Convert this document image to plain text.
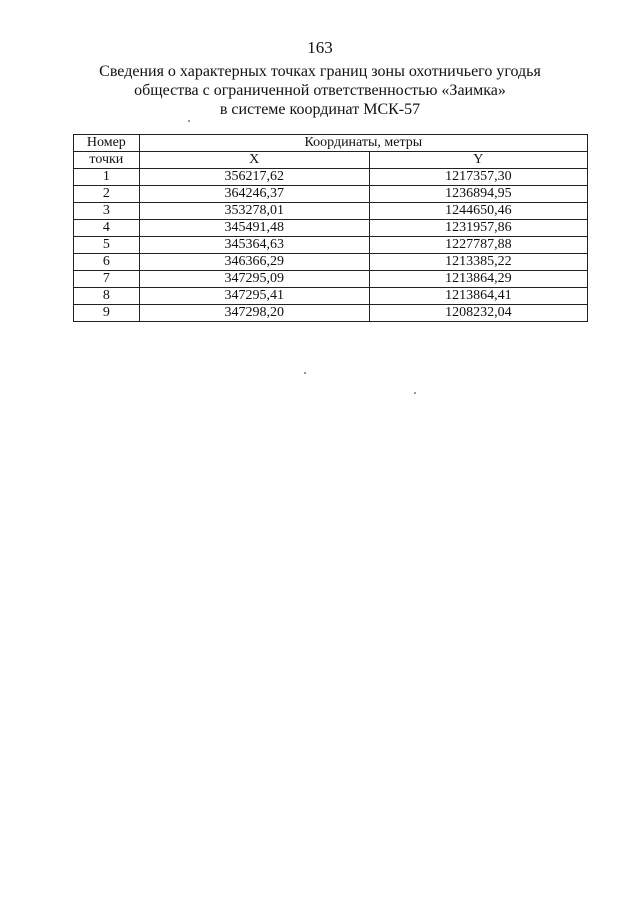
163
Сведения о характерных точках границ зоны охотничьего угодья
общества с ограниченной ответственностью «Заимка»
в системе координат МСК-57
Номер	Координаты, метры	
точки	X	Y
1	356217,62	1217357,30
2	364246,37	1236894,95
3	353278,01	1244650,46
4	345491,48	1231957,86
5	345364,63	1227787,88
6	346366,29	1213385,22
7	347295,09	1213864,29
8	347295,41	1213864,41
9	347298,20	1208232,04
